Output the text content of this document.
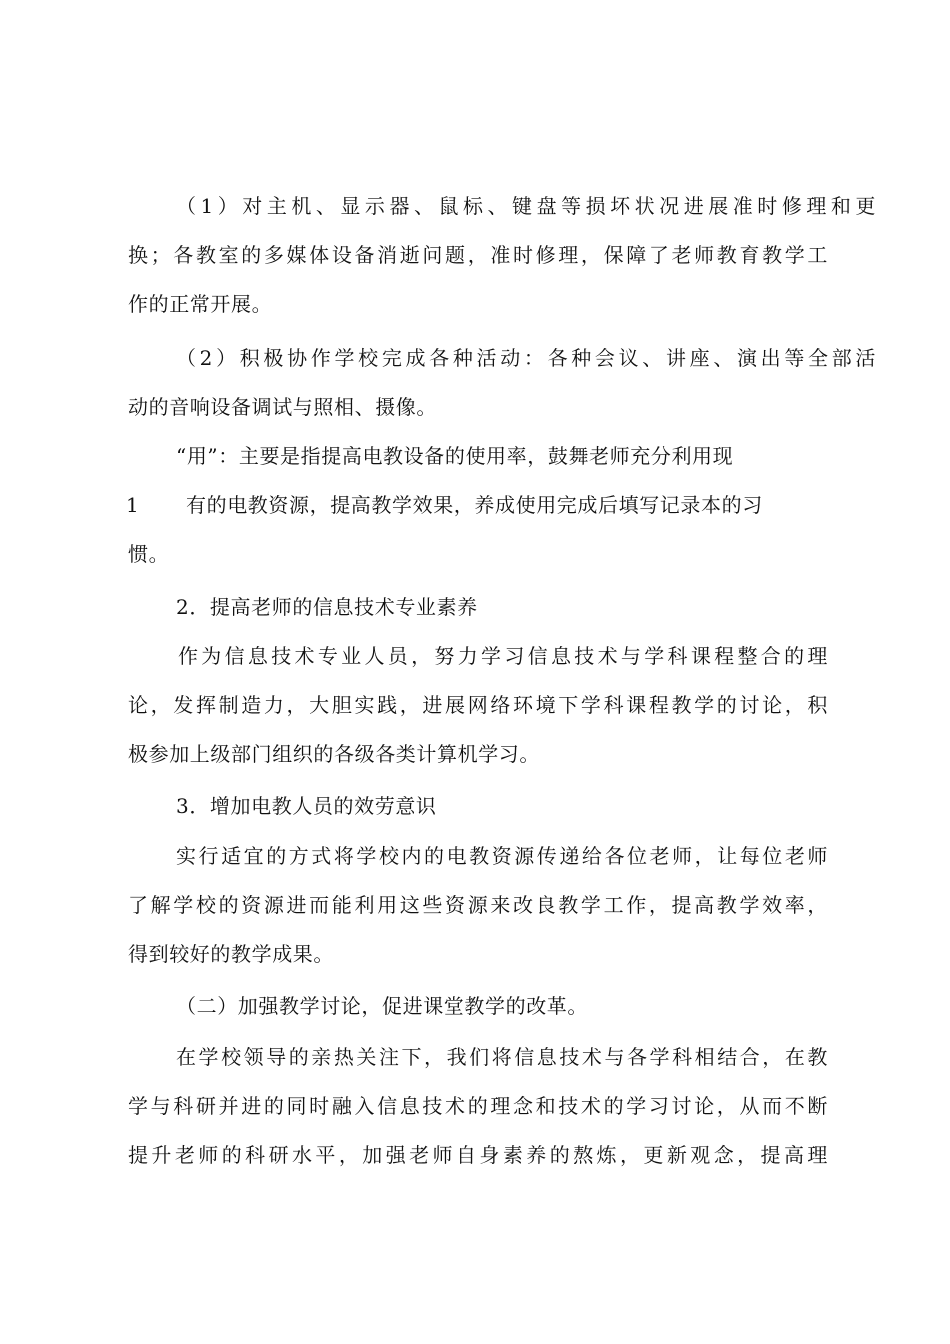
（1）对主机、显示器、鼠标、键盘等损坏状况进展准时修理和更
换；各教室的多媒体设备消逝问题，准时修理，保障了老师教育教学工
作的正常开展。
（2）积极协作学校完成各种活动：各种会议、讲座、演出等全部活
动的音响设备调试与照相、摄像。
“用”：主要是指提高电教设备的使用率，鼓舞老师充分利用现
1 有的电教资源，提高教学效果，养成使用完成后填写记录本的习
惯。
2．提高老师的信息技术专业素养
作为信息技术专业人员，努力学习信息技术与学科课程整合的理
论，发挥制造力，大胆实践，进展网络环境下学科课程教学的讨论，积
极参加上级部门组织的各级各类计算机学习。
3．增加电教人员的效劳意识
实行适宜的方式将学校内的电教资源传递给各位老师，让每位老师
了解学校的资源进而能利用这些资源来改良教学工作，提高教学效率，
得到较好的教学成果。
（二）加强教学讨论，促进课堂教学的改革。
在学校领导的亲热关注下，我们将信息技术与各学科相结合，在教
学与科研并进的同时融入信息技术的理念和技术的学习讨论，从而不断
提升老师的科研水平，加强老师自身素养的熬炼，更新观念，提高理
